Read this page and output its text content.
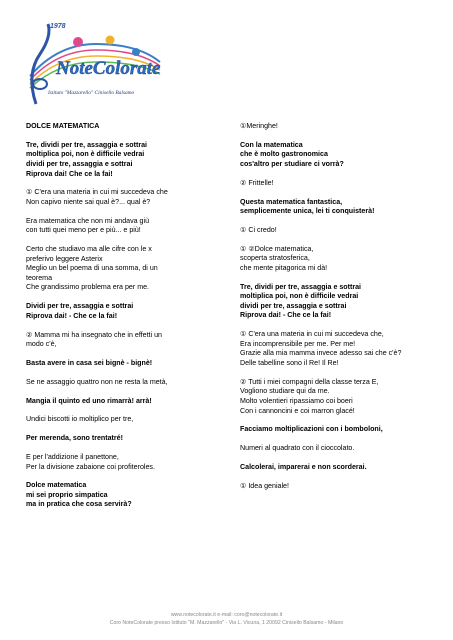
1978
NoteColorate
Istituto "Mazzarello" Cinisello Balsamo
DOLCE MATEMATICA
Tre, dividi per tre, assaggia e sottrai
moltiplica poi, non è difficile vedrai
dividi per tre, assaggia e sottrai
Riprova dai! Che ce la fai!
① C'era una materia in cui mi succedeva che
Non capivo niente sai qual è?... qual è?
Era matematica che non mi andava giù
con tutti quei meno per e più... e più!
Certo che studiavo ma alle cifre con le x
preferivo leggere Asterix
Meglio un bel poema di una somma, di un
teorema
Che grandissimo problema era per me.
Dividi per tre, assaggia e sottrai
Riprova dai! - Che ce la fai!
② Mamma mi ha insegnato che in effetti un
modo c'è,
Basta avere in casa sei bignè - bignè!
Se ne assaggio quattro non ne resta la metà,
Mangia il quinto ed uno rimarrà! arrà!
Undici biscotti io moltiplico per tre,
Per merenda, sono trentatré!
E per l'addizione il panettone,
Per la divisione zabaione coi profiteroles.
Dolce matematica
mi sei proprio simpatica
ma in pratica che cosa servirà?
①Meringhe!
Con la matematica
che è molto gastronomica
cos'altro per studiare ci vorrà?
② Frittelle!
Questa matematica fantastica,
semplicemente unica, lei ti conquisterà!
① Ci credo!
① ②Dolce matematica,
scoperta stratosferica,
che mente pitagorica mi dà!
Tre, dividi per tre, assaggia e sottrai
moltiplica poi, non è difficile vedrai
dividi per tre, assaggia e sottrai
Riprova dai! - Che ce la fai!
① C'era una materia in cui mi succedeva che,
Era incomprensibile per me. Per me!
Grazie alla mia mamma invece adesso sai che c'è?
Delle tabelline sono il Re! Il Re!
② Tutti i miei compagni della classe terza E,
Vogliono studiare qui da me.
Molto volentieri ripassiamo coi boeri
Con i cannoncini e coi marron glacé!
Facciamo moltiplicazioni con i bomboloni,
Numeri al quadrato con il cioccolato.
Calcolerai, imparerai e non scorderai.
① Idea geniale!
www.notecolorate.it e-mail: coro@notecolorate.it
Coro NoteColorate presso Istituto "M. Mazzarello" - Via L. Vicuna, 1 20092 Cinisello Balsamo - Milano
